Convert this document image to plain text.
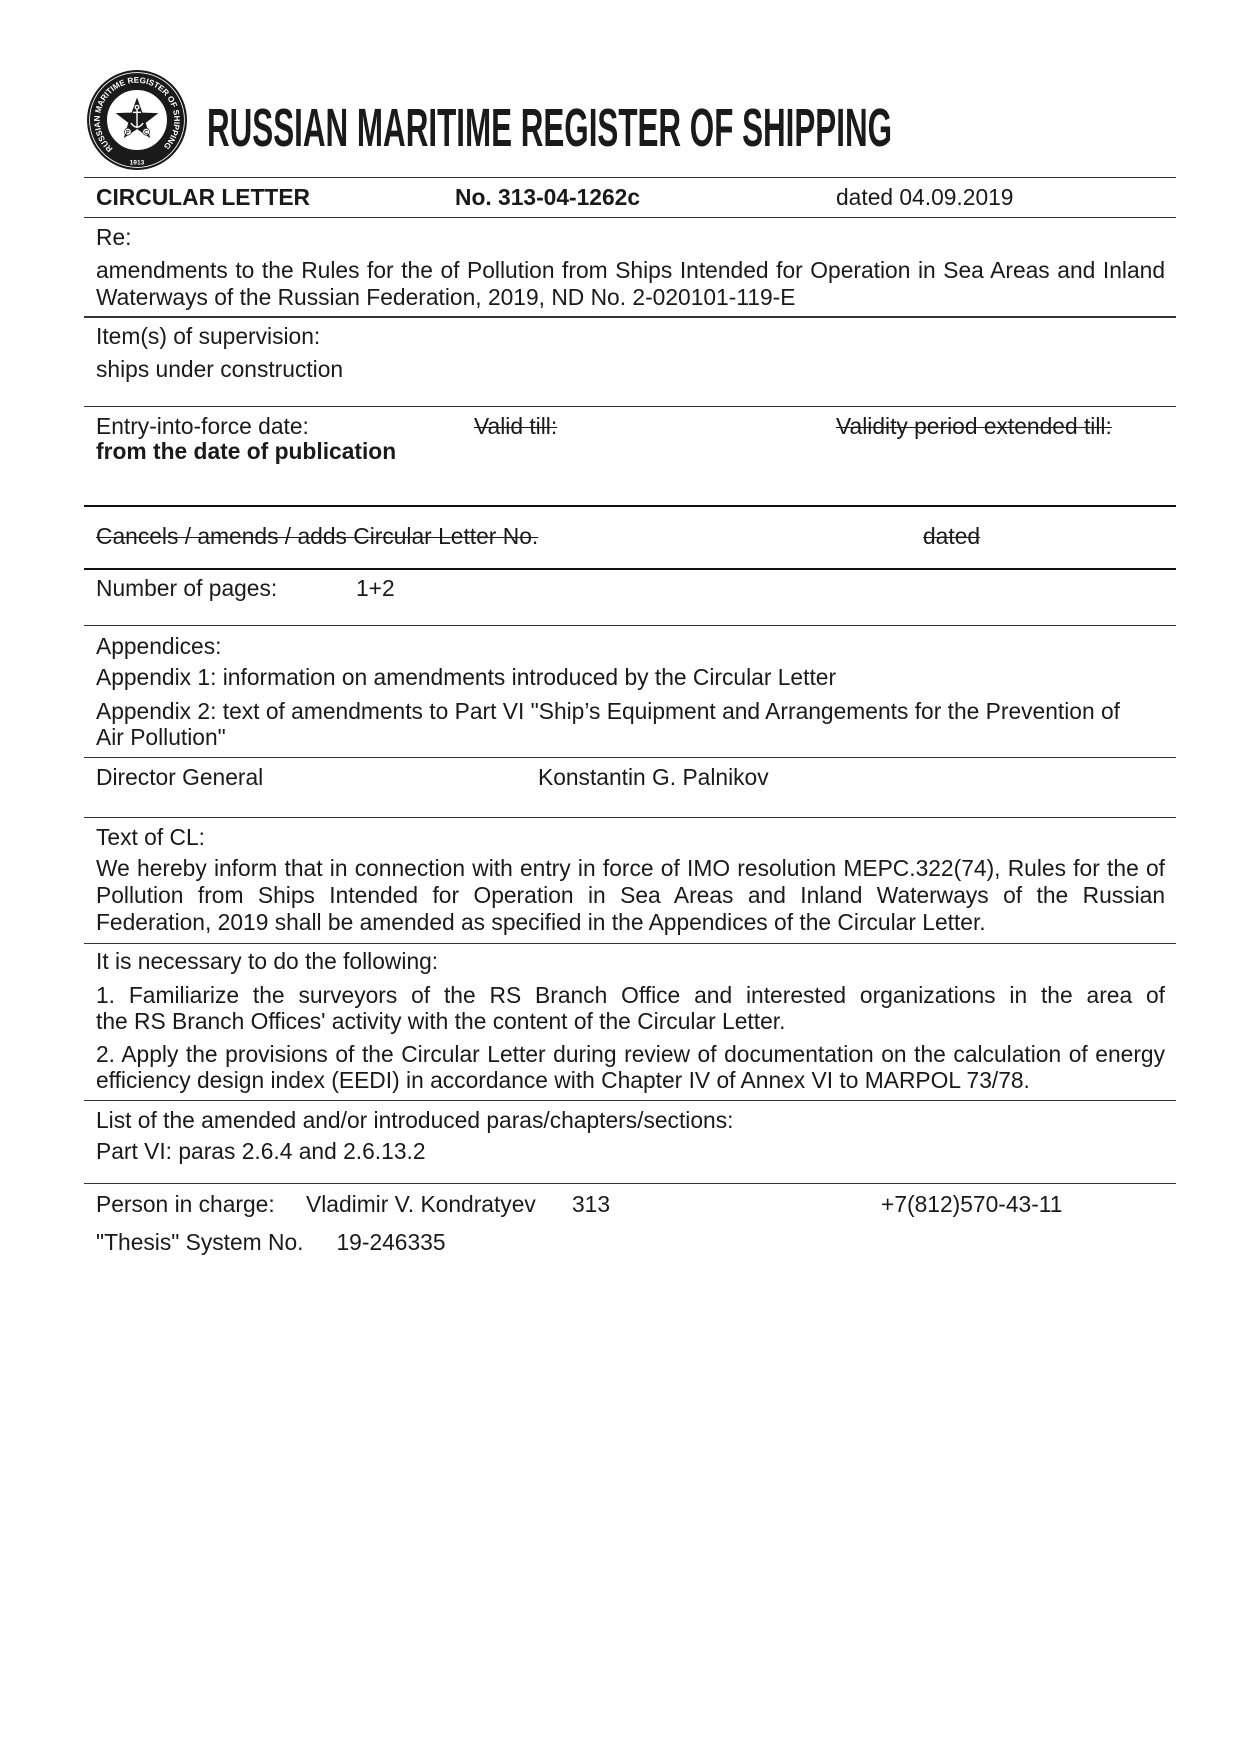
RUSSIAN MARITIME REGISTER OF SHIPPING
P	C
1913
RUSSIAN MARITIME REGISTER OF SHIPPING
CIRCULAR LETTER	No. 313-04-1262c	dated 04.09.2019
Re:
amendments to the Rules for the of Pollution from Ships Intended for Operation in Sea Areas and Inland
Waterways of the Russian Federation, 2019, ND No. 2-020101-119-E
Item(s) of supervision:
ships under construction
Entry-into-force date:	Valid till:	Validity period extended till:
from the date of publication
Cancels / amends / adds Circular Letter No.	dated
Number of pages:	1+2
Appendices:
Appendix 1: information on amendments introduced by the Circular Letter
Appendix 2: text of amendments to Part VI "Ship’s Equipment and Arrangements for the Prevention of
Air Pollution"
Director General	Konstantin G. Palnikov
Text of CL:
We hereby inform that in connection with entry in force of IMO resolution MEPC.322(74), Rules for the of
Pollution from Ships Intended for Operation in Sea Areas and Inland Waterways of the Russian
Federation, 2019 shall be amended as specified in the Appendices of the Circular Letter.
It is necessary to do the following:
1. Familiarize the surveyors of the RS Branch Office and interested organizations in the area of
the RS Branch Offices' activity with the content of the Circular Letter.
2. Apply the provisions of the Circular Letter during review of documentation on the calculation of energy
efficiency design index (EEDI) in accordance with Chapter IV of Annex VI to MARPOL 73/78.
List of the amended and/or introduced paras/chapters/sections:
Part VI: paras 2.6.4 and 2.6.13.2
Person in charge: Vladimir V. Kondratyev 313	+7(812)570-43-11
"Thesis" System No. 19-246335
